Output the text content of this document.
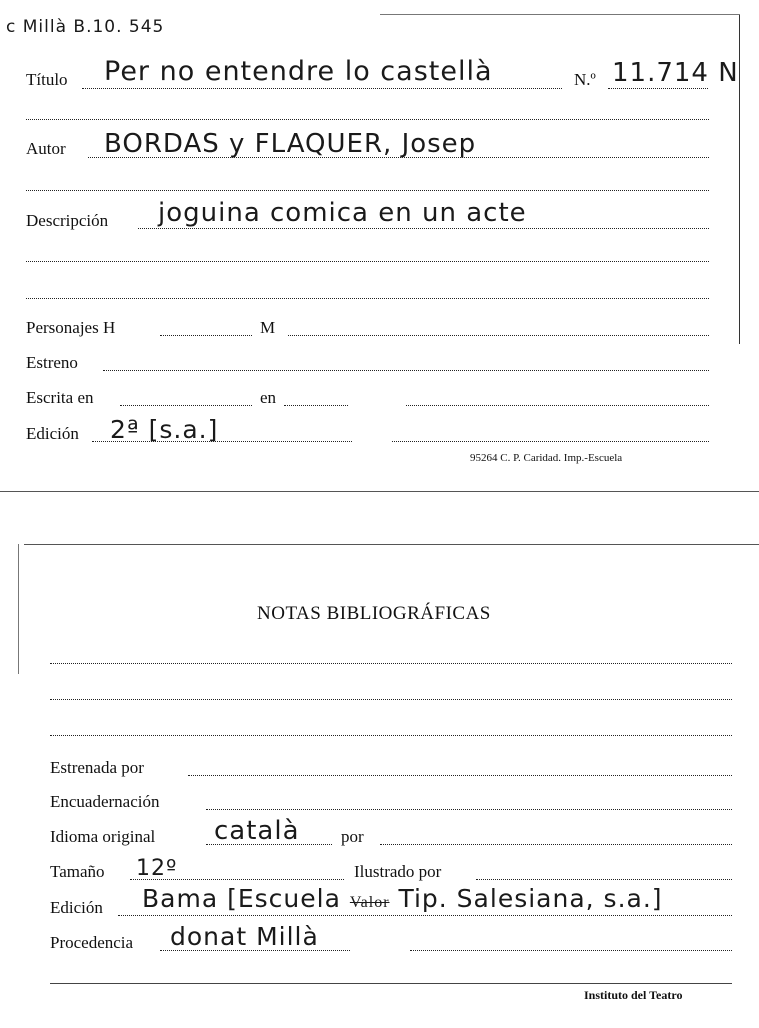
c Millà B.10. 545
Título Per no entendre lo castellà	N.º 11.714 N
Autor BORDAS y FLAQUER, Josep
Descripción joguina comica en un acte
Personajes H	M
Estreno
Escrita en	en
Edición 2ª [s.a.]
95264 C. P. Caridad. Imp.-Escuela
NOTAS BIBLIOGRÁFICAS
Estrenada por
Encuadernación
Idioma original català por
Tamaño 12º	Ilustrado por
Edición Bama [Escuela Valor Tip. Salesiana, s.a.]
Procedencia donat Millà
Instituto del Teatro
